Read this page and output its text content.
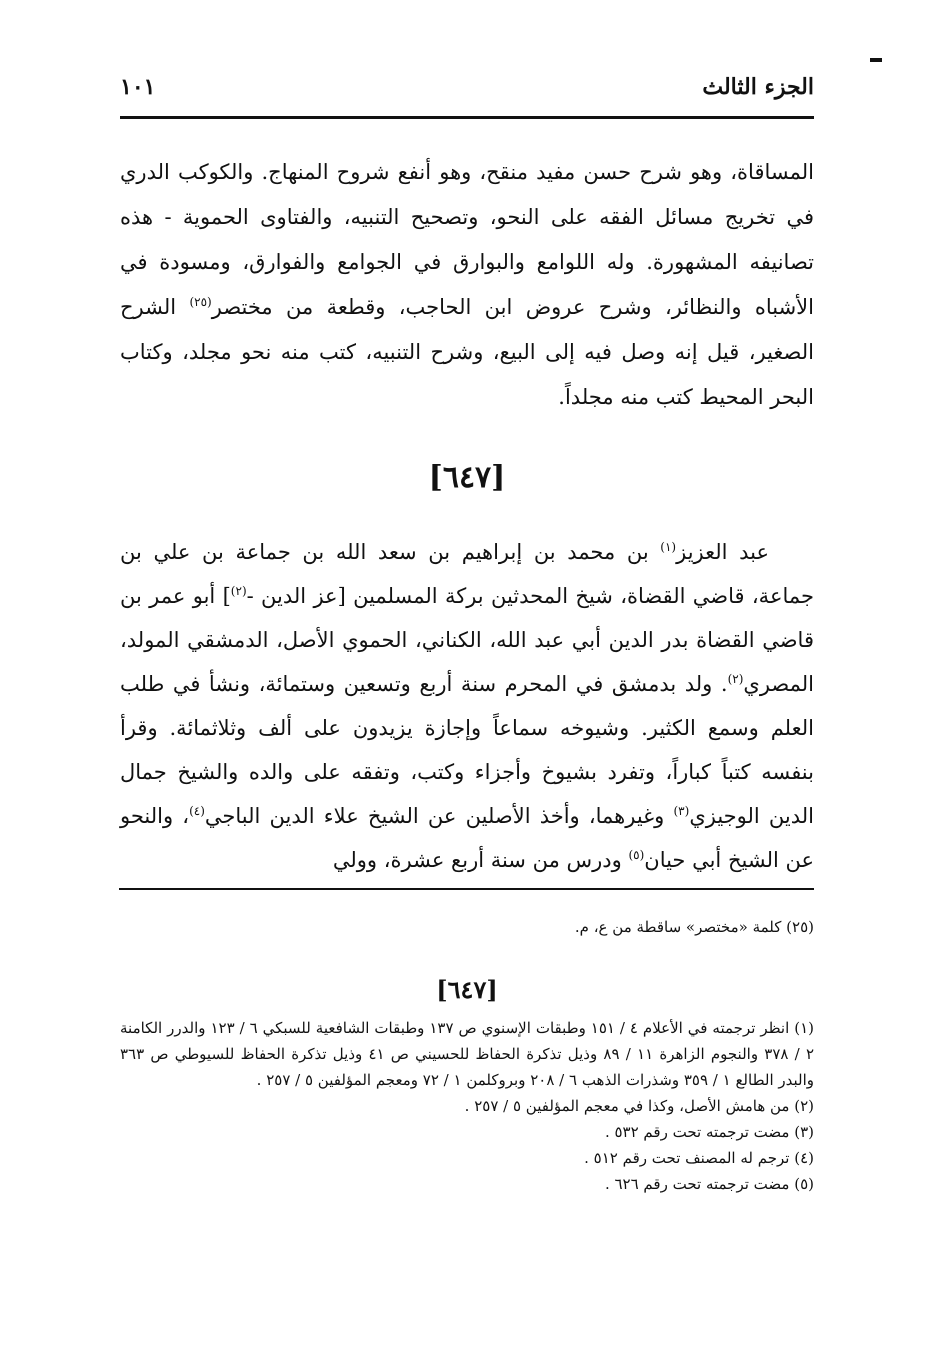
الجزء الثالث
١٠١

المساقاة، وهو شرح حسن مفيد منقح، وهو أنفع شروح المنهاج. والكوكب الدري في تخريج مسائل الفقه على النحو، وتصحيح التنبيه، والفتاوى الحموية - هذه تصانيفه المشهورة. وله اللوامع والبوارق في الجوامع والفوارق، ومسودة في الأشباه والنظائر، وشرح عروض ابن الحاجب، وقطعة من مختصر$^{(٢٥)}$ الشرح الصغير، قيل إنه وصل فيه إلى البيع، وشرح التنبيه، كتب منه نحو مجلد، وكتاب البحر المحيط كتب منه مجلداً.

[٦٤٧]

عبد العزيز$^{(١)}$ بن محمد بن إبراهيم بن سعد الله بن جماعة بن علي بن جماعة، قاضي القضاة، شيخ المحدثين بركة المسلمين [عز الدين -$^{(٢)}$] أبو عمر بن قاضي القضاة بدر الدين أبي عبد الله، الكناني، الحموي الأصل، الدمشقي المولد، المصري$^{(٢)}$. ولد بدمشق في المحرم سنة أربع وتسعين وستمائة، ونشأ في طلب العلم وسمع الكثير. وشيوخه سماعاً وإجازة يزيدون على ألف وثلاثمائة. وقرأ بنفسه كتباً كباراً، وتفرد بشيوخ وأجزاء وكتب، وتفقه على والده والشيخ جمال الدين الوجيزي$^{(٣)}$ وغيرهما، وأخذ الأصلين عن الشيخ علاء الدين الباجي$^{(٤)}$، والنحو عن الشيخ أبي حيان$^{(٥)}$ ودرس من سنة أربع عشرة، وولي

(٢٥) كلمة «مختصر» ساقطة من ع، م.

[٦٤٧]
(١) انظر ترجمته في الأعلام ٤ / ١٥١ وطبقات الإسنوي ص ١٣٧ وطبقات الشافعية للسبكي ٦ / ١٢٣ والدرر الكامنة ٢ / ٣٧٨ والنجوم الزاهرة ١١ / ٨٩ وذيل تذكرة الحفاظ للحسيني ص ٤١ وذيل تذكرة الحفاظ للسيوطي ص ٣٦٣ والبدر الطالع ١ / ٣٥٩ وشذرات الذهب ٦ / ٢٠٨ وبروكلمن ١ / ٧٢ ومعجم المؤلفين ٥ / ٢٥٧ .
(٢) من هامش الأصل، وكذا في معجم المؤلفين ٥ / ٢٥٧ .
(٣) مضت ترجمته تحت رقم ٥٣٢ .
(٤) ترجم له المصنف تحت رقم ٥١٢ .
(٥) مضت ترجمته تحت رقم ٦٢٦ .
